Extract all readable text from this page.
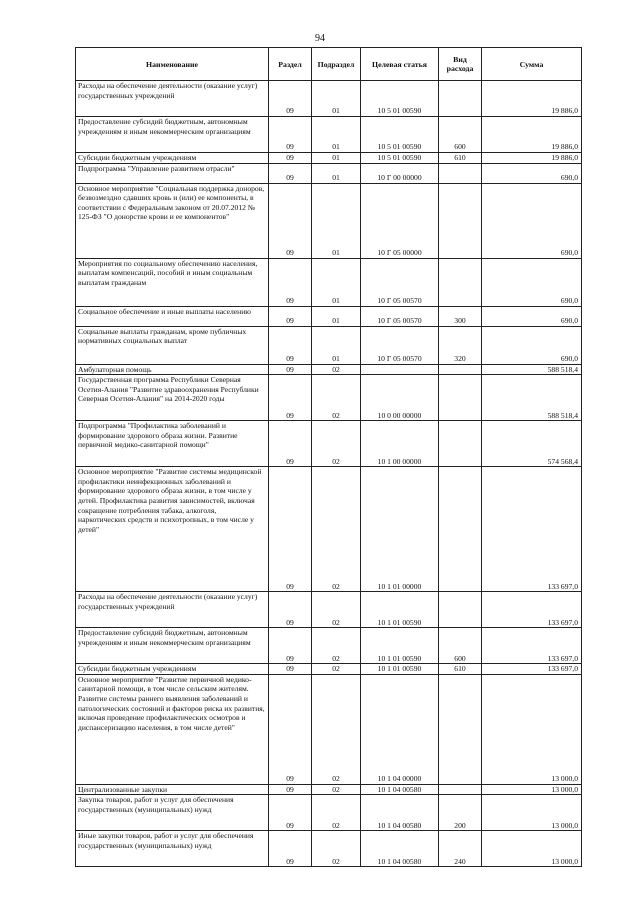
94
Наименование	Раздел	Подраздел	Целевая статья	Вид расхода	Сумма
Расходы на обеспечение деятельности (оказание услуг) государственных учреждений	09	01	10 5 01 00590		19 886,0
Предоставление субсидий бюджетным, автономным учреждениям и иным некоммерческим организациям	09	01	10 5 01 00590	600	19 886,0
Субсидии бюджетным учреждениям	09	01	10 5 01 00590	610	19 886,0
Подпрограмма "Управление развитием отрасли"	09	01	10 Г 00 00000		690,0
Основное мероприятие "Социальная поддержка доноров, безвозмездно сдавших кровь и (или) ее компоненты, в соответствии с Федеральным законом от 20.07.2012 № 125-ФЗ "О донорстве крови и ее компонентов"	09	01	10 Г 05 00000		690,0
Мероприятия по социальному обеспечению населения, выплатам компенсаций, пособий и иным социальным выплатам гражданам	09	01	10 Г 05 00570		690,0
Социальное обеспечение и иные выплаты населению	09	01	10 Г 05 00570	300	690,0
Социальные выплаты гражданам, кроме публичных нормативных социальных выплат	09	01	10 Г 05 00570	320	690,0
Амбулаторная помощь	09	02			588 518,4
Государственная программа Республики Северная Осетия-Алания "Развитие здравоохранения Республики Северная Осетия-Алания" на 2014-2020 годы	09	02	10 0 00 00000		588 518,4
Подпрограмма "Профилактика заболеваний и формирование здорового образа жизни. Развитие первичной медико-санитарной помощи"	09	02	10 1 00 00000		574 568,4
Основное мероприятие "Развитие системы медицинской профилактики неинфекционных заболеваний и формирование здорового образа жизни, в том числе у детей. Профилактика развития зависимостей, включая сокращение потребления табака, алкоголя, наркотических средств и психотропных, в том числе у детей"	09	02	10 1 01 00000		133 697,0
Расходы на обеспечение деятельности (оказание услуг) государственных учреждений	09	02	10 1 01 00590		133 697,0
Предоставление субсидий бюджетным, автономным учреждениям и иным некоммерческим организациям	09	02	10 1 01 00590	600	133 697,0
Субсидии бюджетным учреждениям	09	02	10 1 01 00590	610	133 697,0
Основное мероприятие "Развитие первичной медико-санитарной помощи, в том числе сельским жителям. Развитие системы раннего выявления заболеваний и патологических состояний и факторов риска их развития, включая проведение профилактических осмотров и диспансеризацию населения, в том числе детей"	09	02	10 1 04 00000		13 000,0
Централизованные закупки	09	02	10 1 04 00580		13 000,0
Закупка товаров, работ и услуг для обеспечения государственных (муниципальных) нужд	09	02	10 1 04 00580	200	13 000,0
Иные закупки товаров, работ и услуг для обеспечения государственных (муниципальных) нужд	09	02	10 1 04 00580	240	13 000,0
